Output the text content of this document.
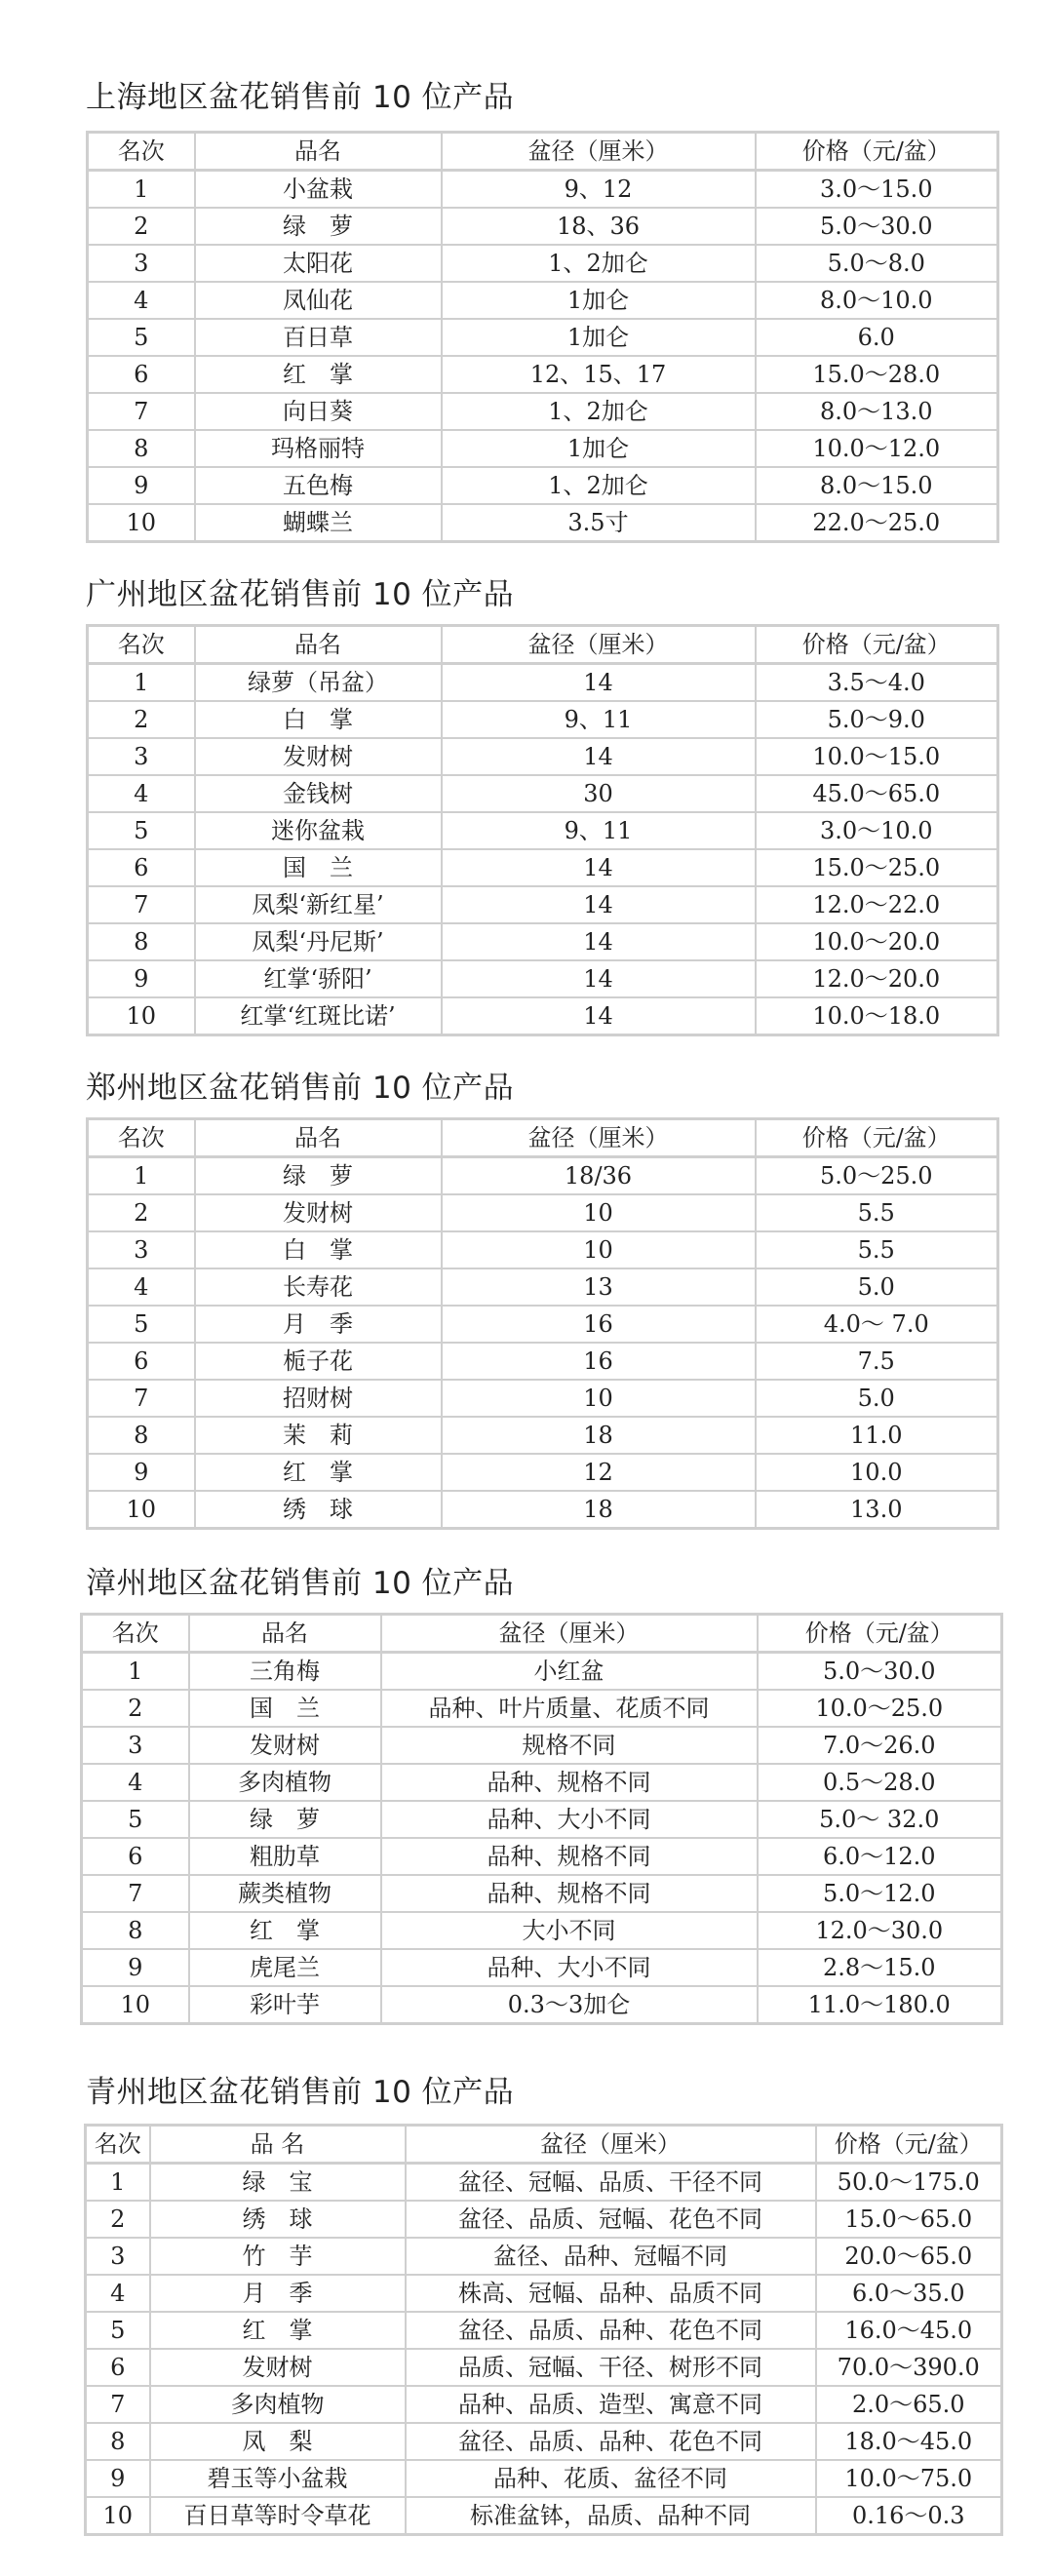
上海地区盆花销售前 10 位产品
名次	品名	盆径（厘米）	价格（元/盆）
1	小盆栽	9、12	3.0～15.0
2	绿　萝	18、36	5.0～30.0
3	太阳花	1、2加仑	5.0～8.0
4	凤仙花	1加仑	8.0～10.0
5	百日草	1加仑	6.0
6	红　掌	12、15、17	15.0～28.0
7	向日葵	1、2加仑	8.0～13.0
8	玛格丽特	1加仑	10.0～12.0
9	五色梅	1、2加仑	8.0～15.0
10	蝴蝶兰	3.5寸	22.0～25.0
广州地区盆花销售前 10 位产品
名次	品名	盆径（厘米）	价格（元/盆）
1	绿萝（吊盆）	14	3.5～4.0
2	白　掌	9、11	5.0～9.0
3	发财树	14	10.0～15.0
4	金钱树	30	45.0～65.0
5	迷你盆栽	9、11	3.0～10.0
6	国　兰	14	15.0～25.0
7	凤梨‘新红星’	14	12.0～22.0
8	凤梨‘丹尼斯’	14	10.0～20.0
9	红掌‘骄阳’	14	12.0～20.0
10	红掌‘红斑比诺’	14	10.0～18.0
郑州地区盆花销售前 10 位产品
名次	品名	盆径（厘米）	价格（元/盆）
1	绿　萝	18/36	5.0～25.0
2	发财树	10	5.5
3	白　掌	10	5.5
4	长寿花	13	5.0
5	月　季	16	4.0～ 7.0
6	栀子花	16	7.5
7	招财树	10	5.0
8	茉　莉	18	11.0
9	红　掌	12	10.0
10	绣　球	18	13.0
漳州地区盆花销售前 10 位产品
名次	品名	盆径（厘米）	价格（元/盆）
1	三角梅	小红盆	5.0～30.0
2	国　兰	品种、叶片质量、花质不同	10.0～25.0
3	发财树	规格不同	7.0～26.0
4	多肉植物	品种、规格不同	0.5～28.0
5	绿　萝	品种、大小不同	5.0～ 32.0
6	粗肋草	品种、规格不同	6.0～12.0
7	蕨类植物	品种、规格不同	5.0～12.0
8	红　掌	大小不同	12.0～30.0
9	虎尾兰	品种、大小不同	2.8～15.0
10	彩叶芋	0.3～3加仑	11.0～180.0
青州地区盆花销售前 10 位产品
名次	品 名	盆径（厘米）	价格（元/盆）
1	绿　宝	盆径、冠幅、品质、干径不同	50.0～175.0
2	绣　球	盆径、品质、冠幅、花色不同	15.0～65.0
3	竹　芋	盆径、品种、冠幅不同	20.0～65.0
4	月　季	株高、冠幅、品种、品质不同	6.0～35.0
5	红　掌	盆径、品质、品种、花色不同	16.0～45.0
6	发财树	品质、冠幅、干径、树形不同	70.0～390.0
7	多肉植物	品种、品质、造型、寓意不同	2.0～65.0
8	凤　梨	盆径、品质、品种、花色不同	18.0～45.0
9	碧玉等小盆栽	品种、花质、盆径不同	10.0～75.0
10	百日草等时令草花	标准盆钵，品质、品种不同	0.16～0.3
